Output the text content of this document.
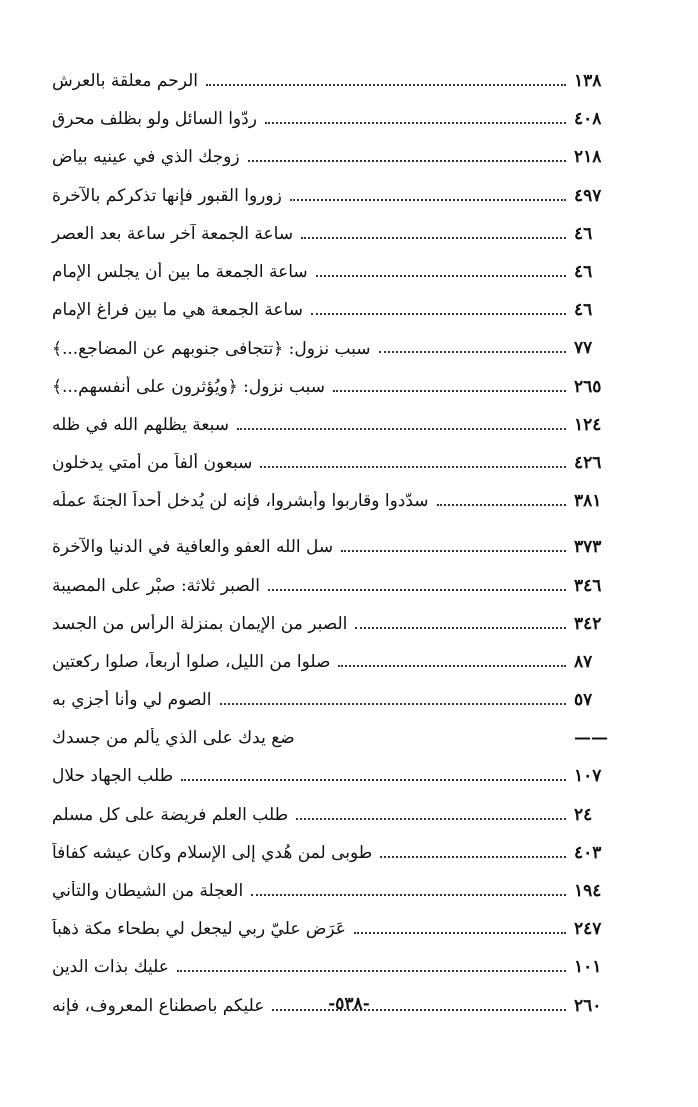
الرحم معلقة بالعرش	١٣٨
ردّوا السائل ولو بظلف محرق	٤٠٨
زوجك الذي في عينيه بياض	٢١٨
زوروا القبور فإنها تذكركم بالآخرة	٤٩٧
ساعة الجمعة آخر ساعة بعد العصر	٤٦
ساعة الجمعة ما بين أن يجلس الإمام	٤٦
ساعة الجمعة هي ما بين فراغ الإمام	٤٦
سبب نزول: ﴿تتجافى جنوبهم عن المضاجع...﴾	٧٧
سبب نزول: ﴿ويُؤثرون على أنفسهم...﴾	٢٦٥
سبعة يظلهم الله في ظله	١٢٤
سبعون ألفاً من أمتي يدخلون	٤٢٦
سدّدوا وقاربوا وأبشروا، فإنه لن يُدخل أحداً الجنةَ عملُه	٣٨١
سل الله العفو والعافية في الدنيا والآخرة	٣٧٣
الصبر ثلاثة: صبْر على المصيبة	٣٤٦
الصبر من الإيمان بمنزلة الرأس من الجسد	٣٤٢
صلوا من الليل، صلوا أربعاً، صلوا ركعتين	٨٧
الصوم لي وأنا أجزي به	٥٧
ضع يدك على الذي يألم من جسدك	——
طلب الجهاد حلال	١٠٧
طلب العلم فريضة على كل مسلم	٢٤
طوبى لمن هُدي إلى الإسلام وكان عيشه كفافاً	٤٠٣
العجلة من الشيطان والتأني	١٩٤
عَرَض عليّ ربي ليجعل لي بطحاء مكة ذهباً	٢٤٧
عليك بذات الدين	١٠١
عليكم باصطناع المعروف، فإنه	٢٦٠
-٥٣٨-
